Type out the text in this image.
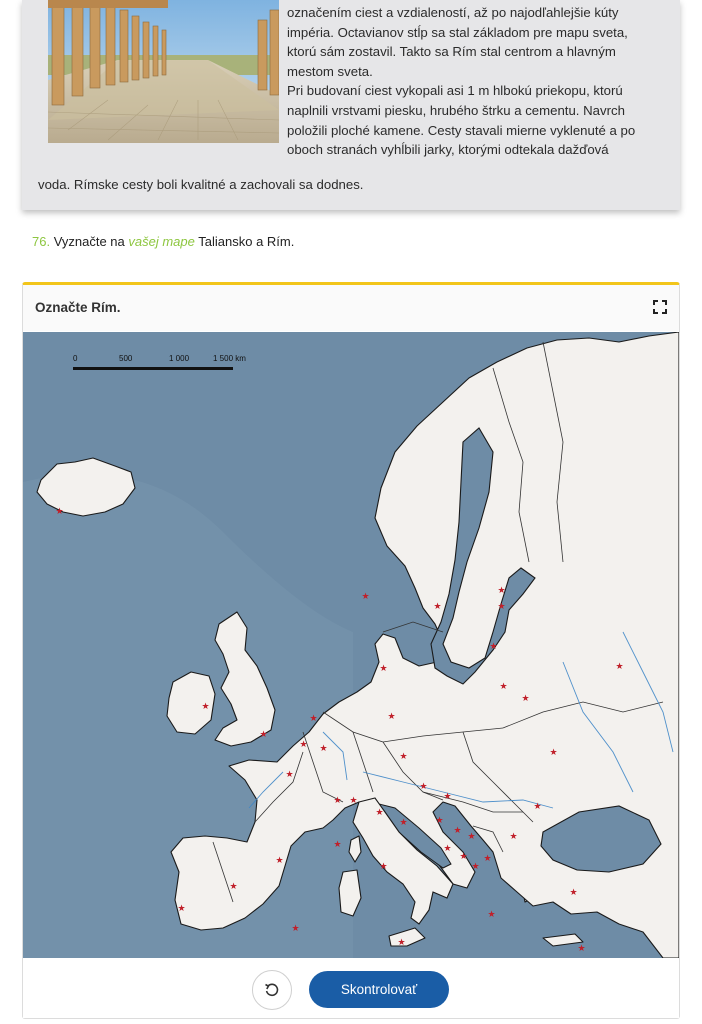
označením ciest a vzdialeností, až po najodľahlejšie kúty
impéria. Octavianov stĺp sa stal základom pre mapu sveta,
ktorú sám zostavil. Takto sa Rím stal centrom a hlavným
mestom sveta.
Pri budovaní ciest vykopali asi 1 m hlbokú priekopu, ktorú
naplnili vrstvami piesku, hrubého štrku a cementu. Navrch
položili ploché kamene. Cesty stavali mierne vyklenuté a po
oboch stranách vyhĺbili jarky, ktorými odtekala dažďová
voda. Rímske cesty boli kvalitné a zachovali sa dodnes.
76. Vyznačte na vašej mape Taliansko a Rím.
Označte Rím.
0	500	1 000	1 500 km
★
★
★
★
★ ★
★
★
★
★	★
★
★
★
★
★
★
★	★
★
★
★ ★
★
★	★
★
★	★
★
★
★
★
★
★
★
★
★
★
★
★
★
★
★
Skontrolovať
